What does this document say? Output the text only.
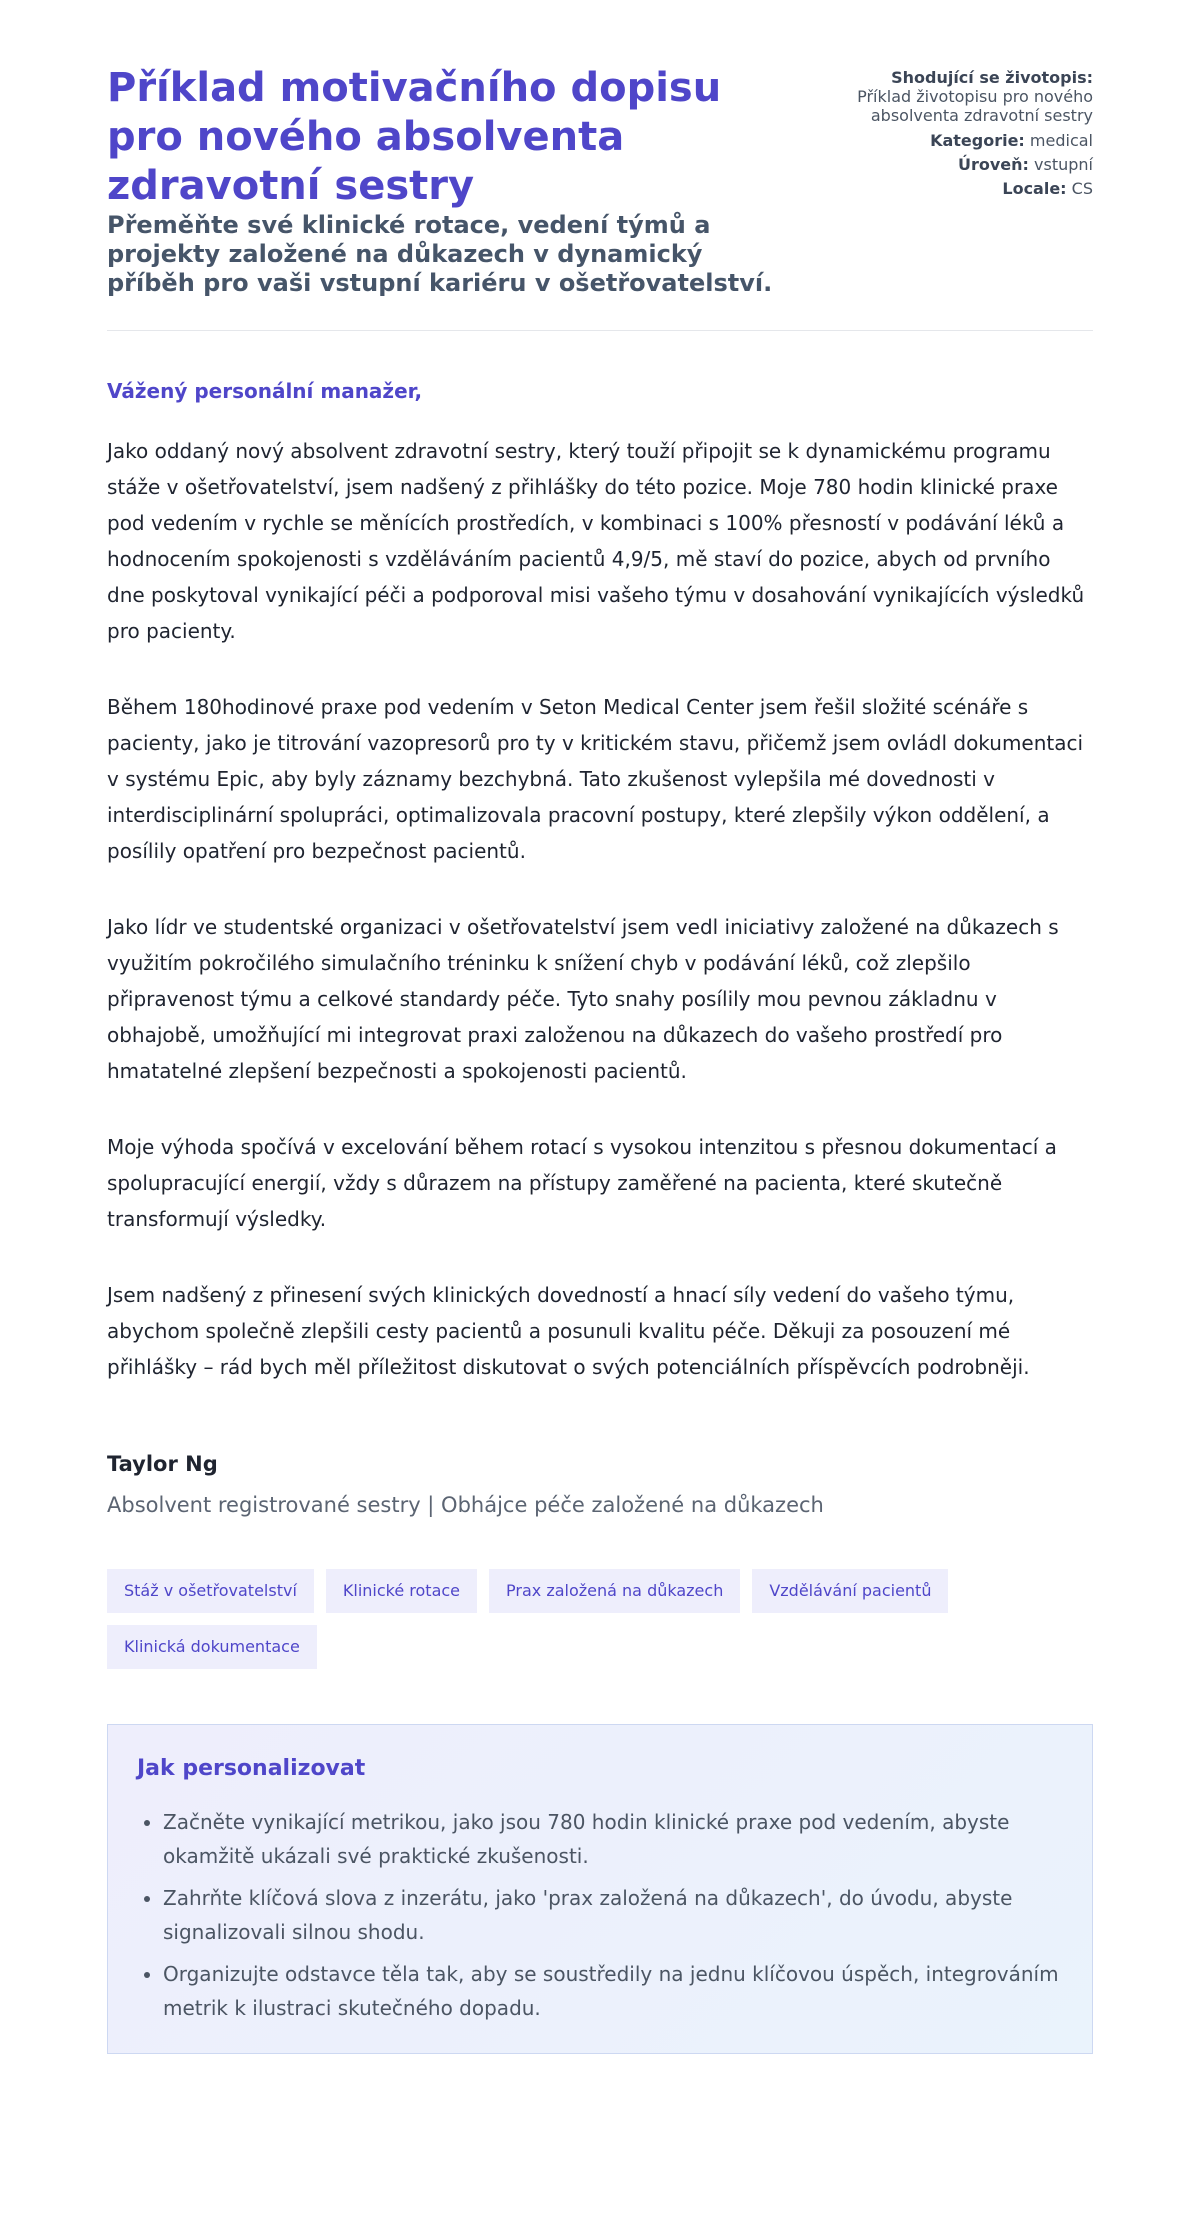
Příklad motivačního dopisu pro nového absolventa zdravotní sestry

Přeměňte své klinické rotace, vedení týmů a projekty založené na důkazech v dynamický příběh pro vaši vstupní kariéru v ošetřovatelství.

Shodující se životopis:
Příklad životopisu pro nového absolventa zdravotní sestry
Kategorie: medical
Úroveň: vstupní
Locale: CS

Vážený personální manažer,

Jako oddaný nový absolvent zdravotní sestry, který touží připojit se k dynamickému programu stáže v ošetřovatelství, jsem nadšený z přihlášky do této pozice. Moje 780 hodin klinické praxe pod vedením v rychle se měnících prostředích, v kombinaci s 100% přesností v podávání léků a hodnocením spokojenosti s vzděláváním pacientů 4,9/5, mě staví do pozice, abych od prvního dne poskytoval vynikající péči a podporoval misi vašeho týmu v dosahování vynikajících výsledků pro pacienty.

Během 180hodinové praxe pod vedením v Seton Medical Center jsem řešil složité scénáře s pacienty, jako je titrování vazopresorů pro ty v kritickém stavu, přičemž jsem ovládl dokumentaci v systému Epic, aby byly záznamy bezchybná. Tato zkušenost vylepšila mé dovednosti v interdisciplinární spolupráci, optimalizovala pracovní postupy, které zlepšily výkon oddělení, a posílily opatření pro bezpečnost pacientů.

Jako lídr ve studentské organizaci v ošetřovatelství jsem vedl iniciativy založené na důkazech s využitím pokročilého simulačního tréninku k snížení chyb v podávání léků, což zlepšilo připravenost týmu a celkové standardy péče. Tyto snahy posílily mou pevnou základnu v obhajobě, umožňující mi integrovat praxi založenou na důkazech do vašeho prostředí pro hmatatelné zlepšení bezpečnosti a spokojenosti pacientů.

Moje výhoda spočívá v excelování během rotací s vysokou intenzitou s přesnou dokumentací a spolupracující energií, vždy s důrazem na přístupy zaměřené na pacienta, které skutečně transformují výsledky.

Jsem nadšený z přinesení svých klinických dovedností a hnací síly vedení do vašeho týmu, abychom společně zlepšili cesty pacientů a posunuli kvalitu péče. Děkuji za posouzení mé přihlášky – rád bych měl příležitost diskutovat o svých potenciálních příspěvcích podrobněji.

Taylor Ng

Absolvent registrované sestry | Obhájce péče založené na důkazech

Stáž v ošetřovatelství	Klinické rotace	Prax založená na důkazech	Vzdělávání pacientů
Klinická dokumentace
Jak personalizovat
• Začněte vynikající metrikou, jako jsou 780 hodin klinické praxe pod vedením, abyste okamžitě ukázali své praktické zkušenosti.
• Zahrňte klíčová slova z inzerátu, jako 'prax založená na důkazech', do úvodu, abyste signalizovali silnou shodu.
• Organizujte odstavce těla tak, aby se soustředily na jednu klíčovou úspěch, integrováním metrik k ilustraci skutečného dopadu.
